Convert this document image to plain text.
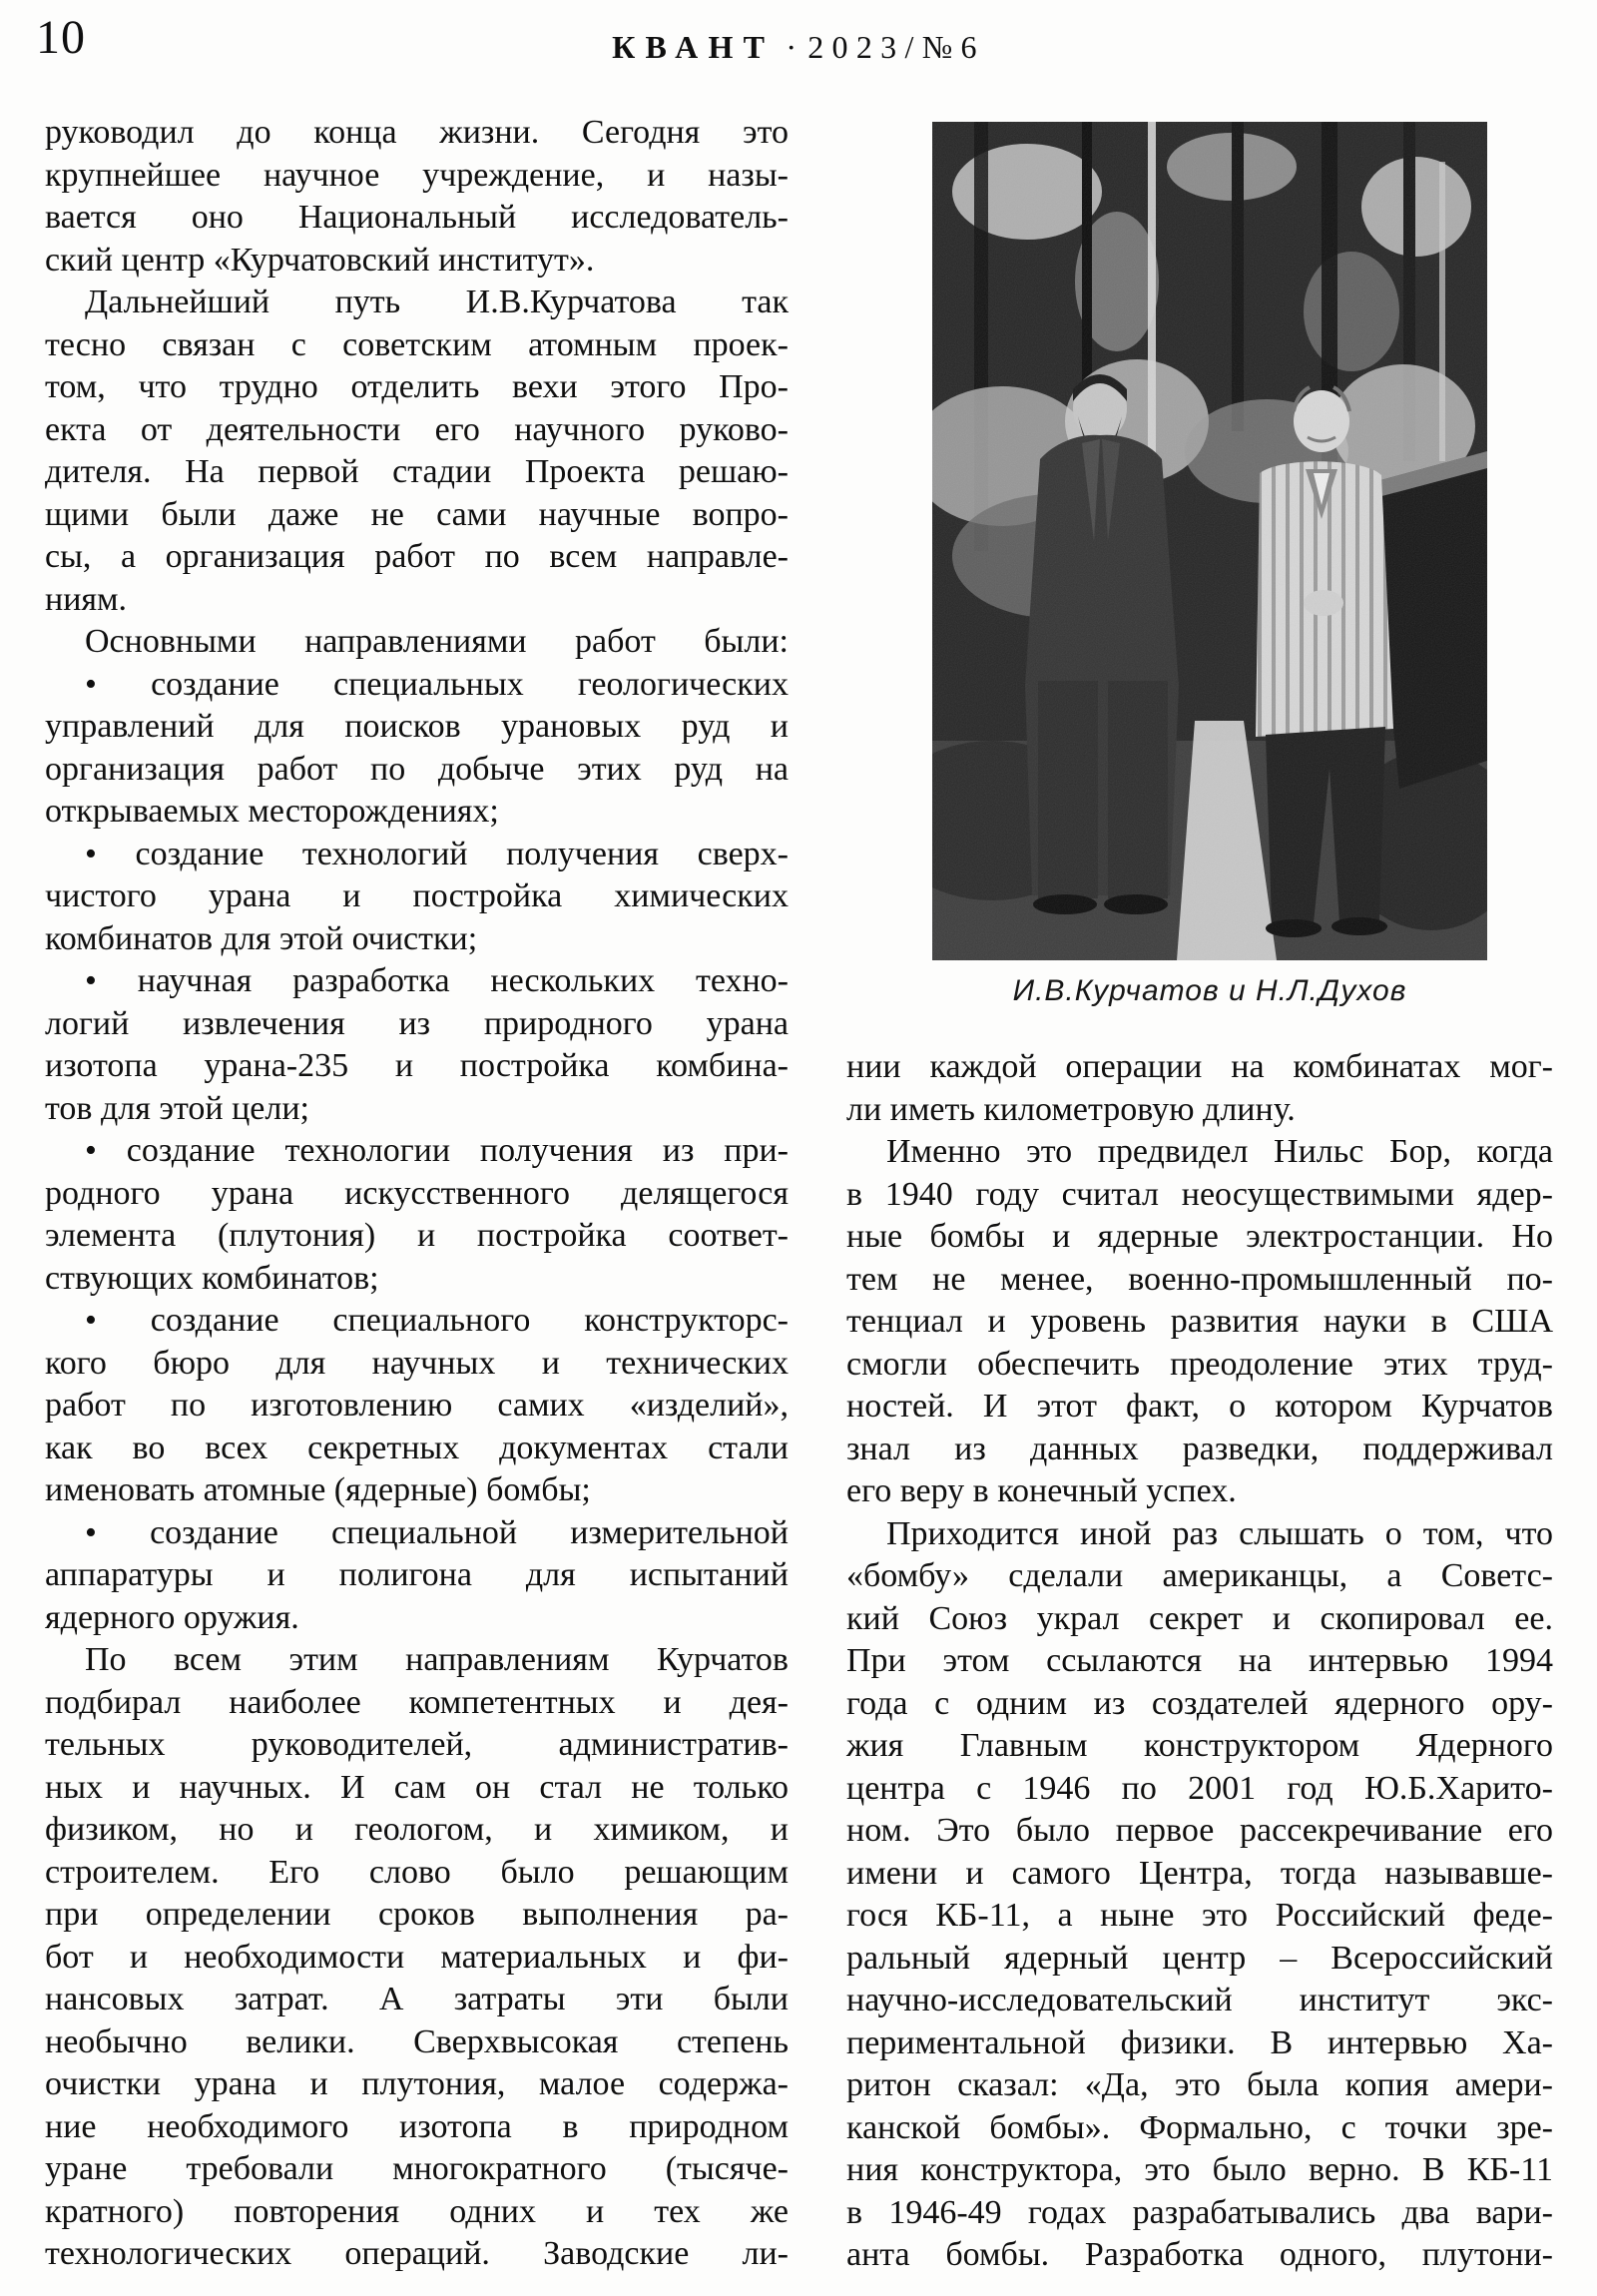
10	КВАНТ · 2023/№6
руководил до конца жизни. Сегодня это
крупнейшее научное учреждение, и назы-
вается оно Национальный исследователь-
ский центр «Курчатовский институт».
Дальнейший путь И.В.Курчатова так
тесно связан с советским атомным проек-
том, что трудно отделить вехи этого Про-
екта от деятельности его научного руково-
дителя. На первой стадии Проекта решаю-
щими были даже не сами научные вопро-
сы, а организация работ по всем направле-
ниям.
Основными направлениями работ были:
• создание специальных геологических
управлений для поисков урановых руд и
организация работ по добыче этих руд на
открываемых месторождениях;
• создание технологий получения сверх-
чистого урана и постройка химических
комбинатов для этой очистки;
• научная разработка нескольких техно-
логий извлечения из природного урана
изотопа урана-235 и постройка комбина-
тов для этой цели;
• создание технологии получения из при-
родного урана искусственного делящегося
элемента (плутония) и постройка соответ-
ствующих комбинатов;
• создание специального конструкторс-
кого бюро для научных и технических
работ по изготовлению самих «изделий»,
как во всех секретных документах стали
именовать атомные (ядерные) бомбы;
• создание специальной измерительной
аппаратуры и полигона для испытаний
ядерного оружия.
По всем этим направлениям Курчатов
подбирал наиболее компетентных и дея-
тельных руководителей, административ-
ных и научных. И сам он стал не только
физиком, но и геологом, и химиком, и
строителем. Его слово было решающим
при определении сроков выполнения ра-
бот и необходимости материальных и фи-
нансовых затрат. А затраты эти были
необычно велики. Сверхвысокая степень
очистки урана и плутония, малое содержа-
ние необходимого изотопа в природном
уране требовали многократного (тысяче-
кратного) повторения одних и тех же
технологических операций. Заводские ли-
И.В.Курчатов и Н.Л.Духов
нии каждой операции на комбинатах мог-
ли иметь километровую длину.
Именно это предвидел Нильс Бор, когда
в 1940 году считал неосуществимыми ядер-
ные бомбы и ядерные электростанции. Но
тем не менее, военно-промышленный по-
тенциал и уровень развития науки в США
смогли обеспечить преодоление этих труд-
ностей. И этот факт, о котором Курчатов
знал из данных разведки, поддерживал
его веру в конечный успех.
Приходится иной раз слышать о том, что
«бомбу» сделали американцы, а Советс-
кий Союз украл секрет и скопировал ее.
При этом ссылаются на интервью 1994
года с одним из создателей ядерного ору-
жия Главным конструктором Ядерного
центра с 1946 по 2001 год Ю.Б.Харито-
ном. Это было первое рассекречивание его
имени и самого Центра, тогда называвше-
гося КБ-11, а ныне это Российский феде-
ральный ядерный центр – Всероссийский
научно-исследовательский институт экс-
периментальной физики. В интервью Ха-
ритон сказал: «Да, это была копия амери-
канской бомбы». Формально, с точки зре-
ния конструктора, это было верно. В КБ-11
в 1946-49 годах разрабатывались два вари-
анта бомбы. Разработка одного, плутони-
